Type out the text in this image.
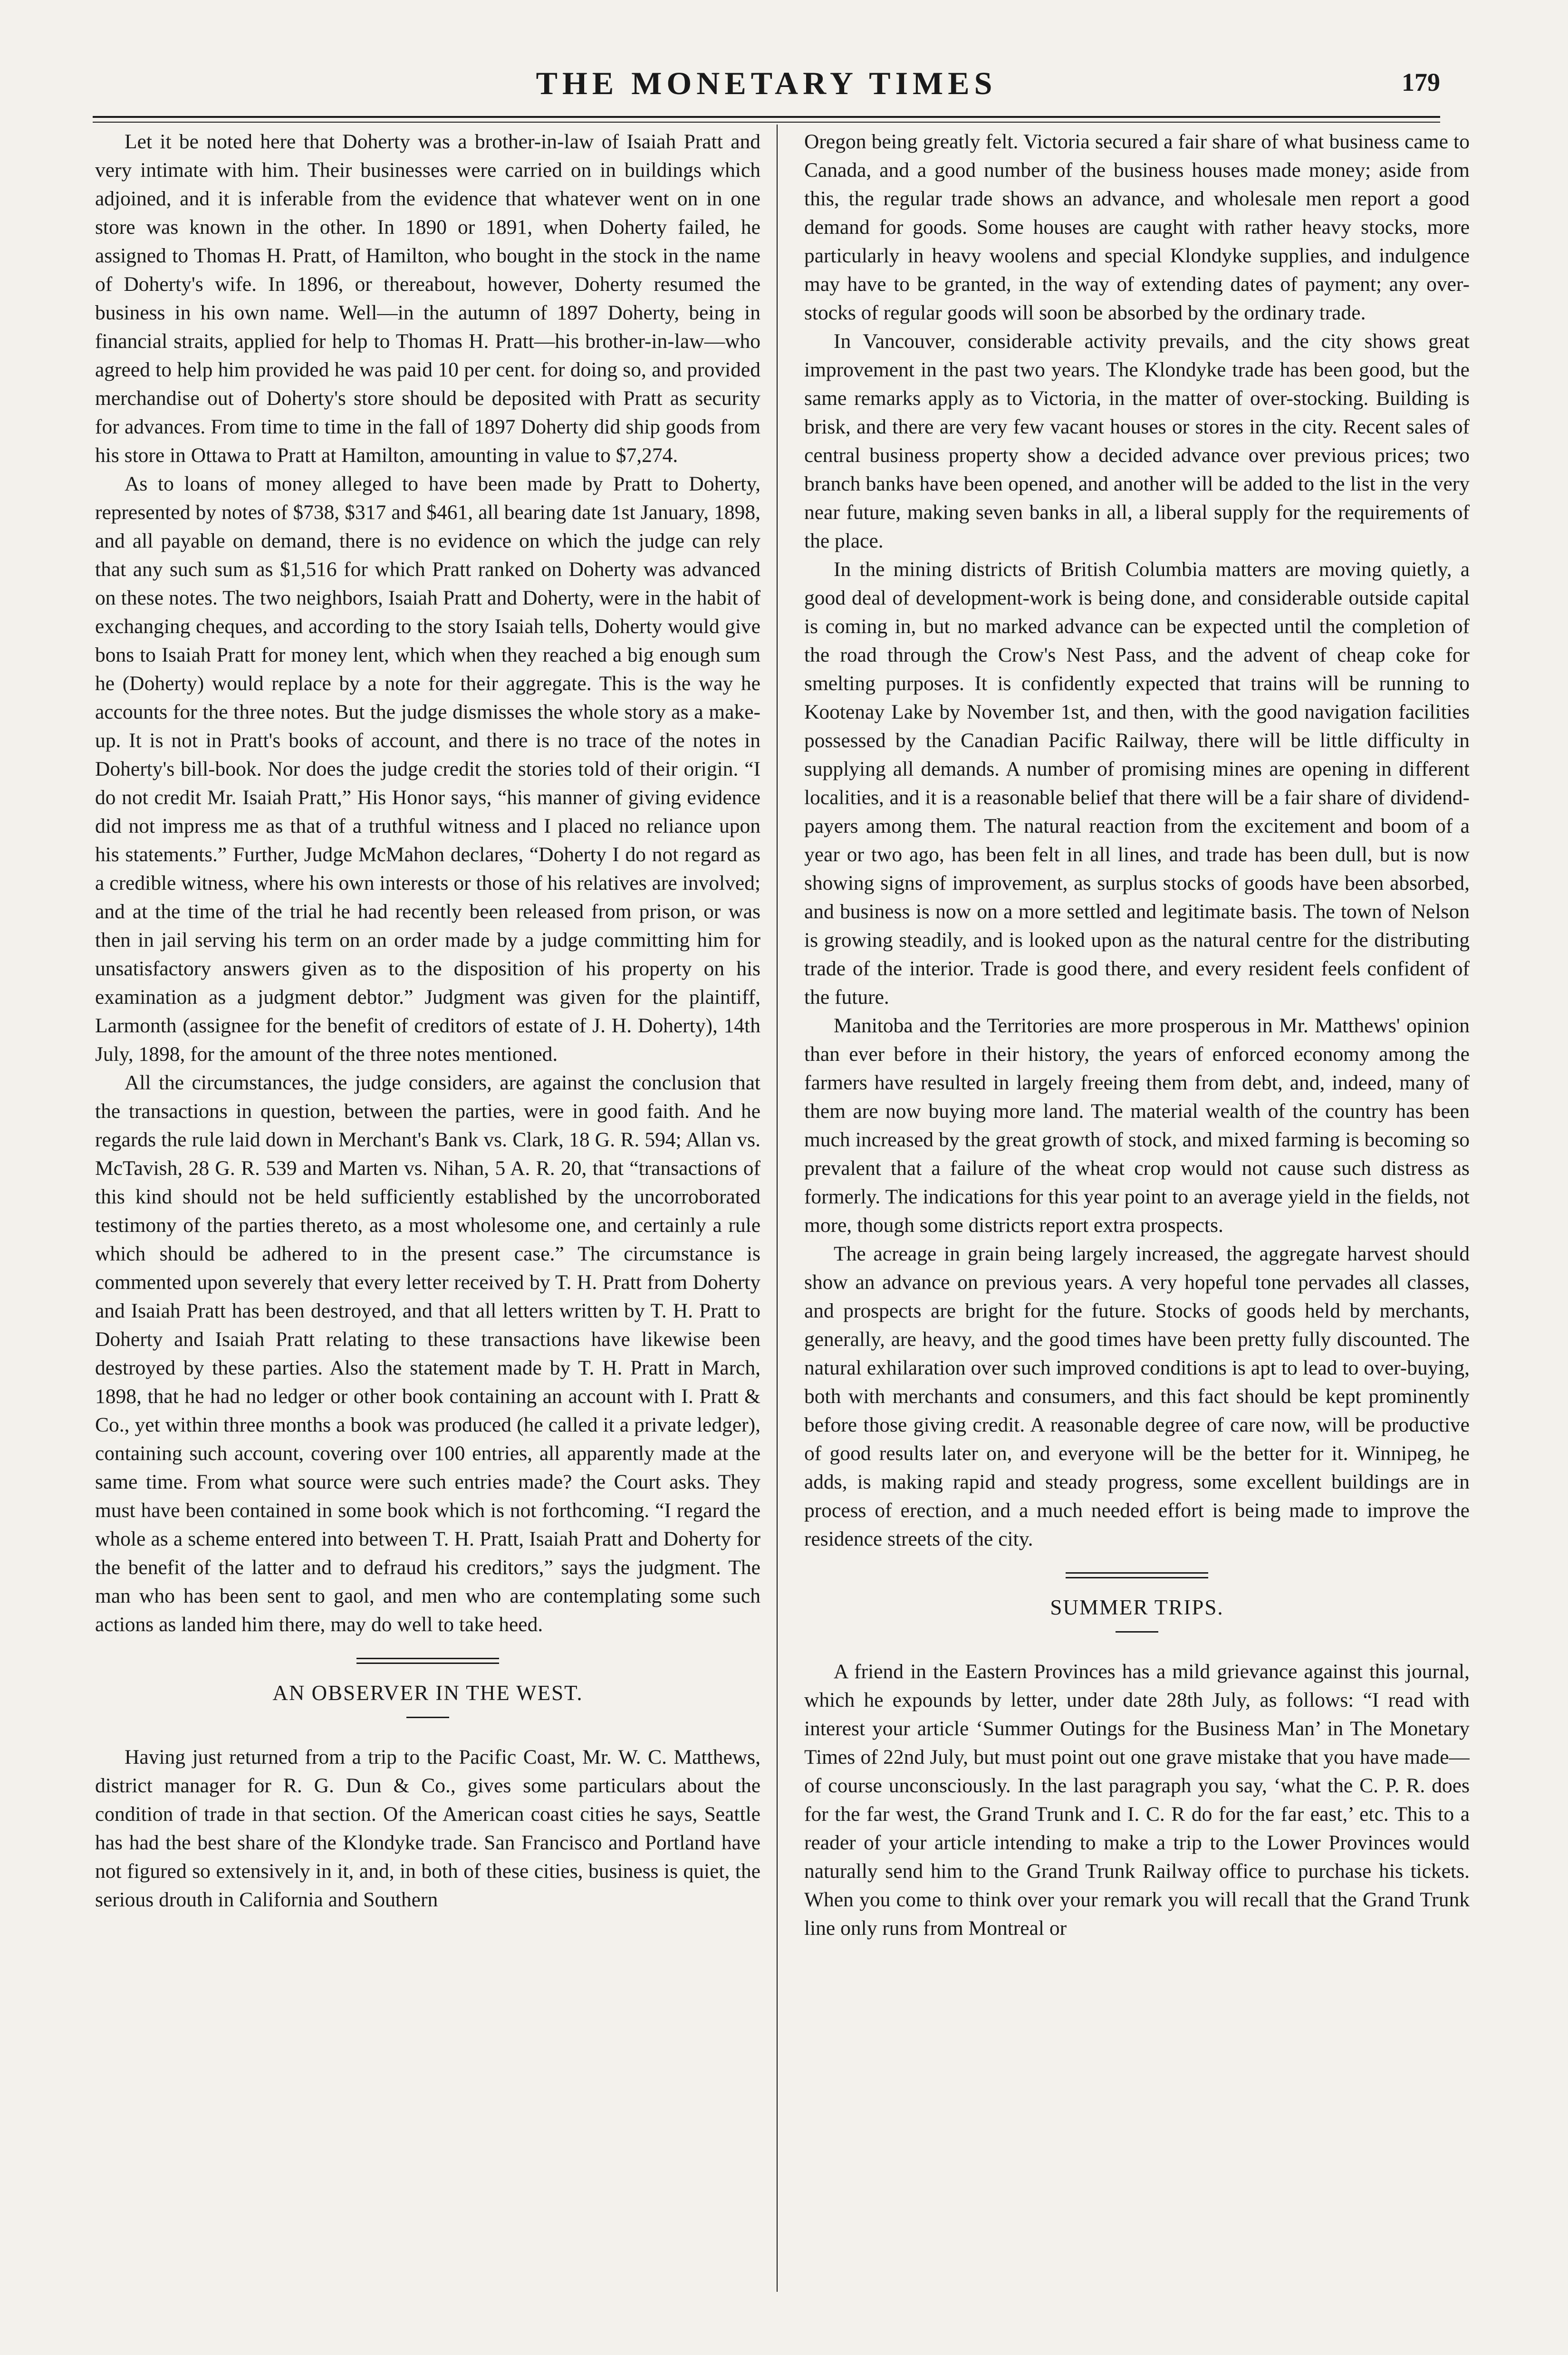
THE MONETARY TIMES	179

Let it be noted here that Doherty was a brother-in-law of Isaiah Pratt and very intimate with him. Their businesses were carried on in buildings which adjoined, and it is inferable from the evidence that whatever went on in one store was known in the other. In 1890 or 1891, when Doherty failed, he assigned to Thomas H. Pratt, of Hamilton, who bought in the stock in the name of Doherty's wife. In 1896, or thereabout, however, Doherty resumed the business in his own name. Well—in the autumn of 1897 Doherty, being in financial straits, applied for help to Thomas H. Pratt—his brother-in-law—who agreed to help him provided he was paid 10 per cent. for doing so, and provided merchandise out of Doherty's store should be deposited with Pratt as security for advances. From time to time in the fall of 1897 Doherty did ship goods from his store in Ottawa to Pratt at Hamilton, amounting in value to $7,274.

As to loans of money alleged to have been made by Pratt to Doherty, represented by notes of $738, $317 and $461, all bearing date 1st January, 1898, and all payable on demand, there is no evidence on which the judge can rely that any such sum as $1,516 for which Pratt ranked on Doherty was advanced on these notes. The two neighbors, Isaiah Pratt and Doherty, were in the habit of exchanging cheques, and according to the story Isaiah tells, Doherty would give bons to Isaiah Pratt for money lent, which when they reached a big enough sum he (Doherty) would replace by a note for their aggregate. This is the way he accounts for the three notes. But the judge dismisses the whole story as a make-up. It is not in Pratt's books of account, and there is no trace of the notes in Doherty's bill-book. Nor does the judge credit the stories told of their origin. “I do not credit Mr. Isaiah Pratt,” His Honor says, “his manner of giving evidence did not impress me as that of a truthful witness and I placed no reliance upon his statements.” Further, Judge McMahon declares, “Doherty I do not regard as a credible witness, where his own interests or those of his relatives are involved; and at the time of the trial he had recently been released from prison, or was then in jail serving his term on an order made by a judge committing him for unsatisfactory answers given as to the disposition of his property on his examination as a judgment debtor.” Judgment was given for the plaintiff, Larmonth (assignee for the benefit of creditors of estate of J. H. Doherty), 14th July, 1898, for the amount of the three notes mentioned.

All the circumstances, the judge considers, are against the conclusion that the transactions in question, between the parties, were in good faith. And he regards the rule laid down in Merchant's Bank vs. Clark, 18 G. R. 594; Allan vs. McTavish, 28 G. R. 539 and Marten vs. Nihan, 5 A. R. 20, that “transactions of this kind should not be held sufficiently established by the uncorroborated testimony of the parties thereto, as a most wholesome one, and certainly a rule which should be adhered to in the present case.” The circumstance is commented upon severely that every letter received by T. H. Pratt from Doherty and Isaiah Pratt has been destroyed, and that all letters written by T. H. Pratt to Doherty and Isaiah Pratt relating to these transactions have likewise been destroyed by these parties. Also the statement made by T. H. Pratt in March, 1898, that he had no ledger or other book containing an account with I. Pratt & Co., yet within three months a book was produced (he called it a private ledger), containing such account, covering over 100 entries, all apparently made at the same time. From what source were such entries made? the Court asks. They must have been contained in some book which is not forthcoming. “I regard the whole as a scheme entered into between T. H. Pratt, Isaiah Pratt and Doherty for the benefit of the latter and to defraud his creditors,” says the judgment. The man who has been sent to gaol, and men who are contemplating some such actions as landed him there, may do well to take heed.

AN OBSERVER IN THE WEST.

Having just returned from a trip to the Pacific Coast, Mr. W. C. Matthews, district manager for R. G. Dun & Co., gives some particulars about the condition of trade in that section. Of the American coast cities he says, Seattle has had the best share of the Klondyke trade. San Francisco and Portland have not figured so extensively in it, and, in both of these cities, business is quiet, the serious drouth in California and Southern

Oregon being greatly felt. Victoria secured a fair share of what business came to Canada, and a good number of the business houses made money; aside from this, the regular trade shows an advance, and wholesale men report a good demand for goods. Some houses are caught with rather heavy stocks, more particularly in heavy woolens and special Klondyke supplies, and indulgence may have to be granted, in the way of extending dates of payment; any over-stocks of regular goods will soon be absorbed by the ordinary trade.

In Vancouver, considerable activity prevails, and the city shows great improvement in the past two years. The Klondyke trade has been good, but the same remarks apply as to Victoria, in the matter of over-stocking. Building is brisk, and there are very few vacant houses or stores in the city. Recent sales of central business property show a decided advance over previous prices; two branch banks have been opened, and another will be added to the list in the very near future, making seven banks in all, a liberal supply for the requirements of the place.

In the mining districts of British Columbia matters are moving quietly, a good deal of development-work is being done, and considerable outside capital is coming in, but no marked advance can be expected until the completion of the road through the Crow's Nest Pass, and the advent of cheap coke for smelting purposes. It is confidently expected that trains will be running to Kootenay Lake by November 1st, and then, with the good navigation facilities possessed by the Canadian Pacific Railway, there will be little difficulty in supplying all demands. A number of promising mines are opening in different localities, and it is a reasonable belief that there will be a fair share of dividend-payers among them. The natural reaction from the excitement and boom of a year or two ago, has been felt in all lines, and trade has been dull, but is now showing signs of improvement, as surplus stocks of goods have been absorbed, and business is now on a more settled and legitimate basis. The town of Nelson is growing steadily, and is looked upon as the natural centre for the distributing trade of the interior. Trade is good there, and every resident feels confident of the future.

Manitoba and the Territories are more prosperous in Mr. Matthews' opinion than ever before in their history, the years of enforced economy among the farmers have resulted in largely freeing them from debt, and, indeed, many of them are now buying more land. The material wealth of the country has been much increased by the great growth of stock, and mixed farming is becoming so prevalent that a failure of the wheat crop would not cause such distress as formerly. The indications for this year point to an average yield in the fields, not more, though some districts report extra prospects.

The acreage in grain being largely increased, the aggregate harvest should show an advance on previous years. A very hopeful tone pervades all classes, and prospects are bright for the future. Stocks of goods held by merchants, generally, are heavy, and the good times have been pretty fully discounted. The natural exhilaration over such improved conditions is apt to lead to over-buying, both with merchants and consumers, and this fact should be kept prominently before those giving credit. A reasonable degree of care now, will be productive of good results later on, and everyone will be the better for it. Winnipeg, he adds, is making rapid and steady progress, some excellent buildings are in process of erection, and a much needed effort is being made to improve the residence streets of the city.

SUMMER TRIPS.

A friend in the Eastern Provinces has a mild grievance against this journal, which he expounds by letter, under date 28th July, as follows: “I read with interest your article ‘Summer Outings for the Business Man’ in The Monetary Times of 22nd July, but must point out one grave mistake that you have made—of course unconsciously. In the last paragraph you say, ‘what the C. P. R. does for the far west, the Grand Trunk and I. C. R do for the far east,’ etc. This to a reader of your article intending to make a trip to the Lower Provinces would naturally send him to the Grand Trunk Railway office to purchase his tickets. When you come to think over your remark you will recall that the Grand Trunk line only runs from Montreal or
